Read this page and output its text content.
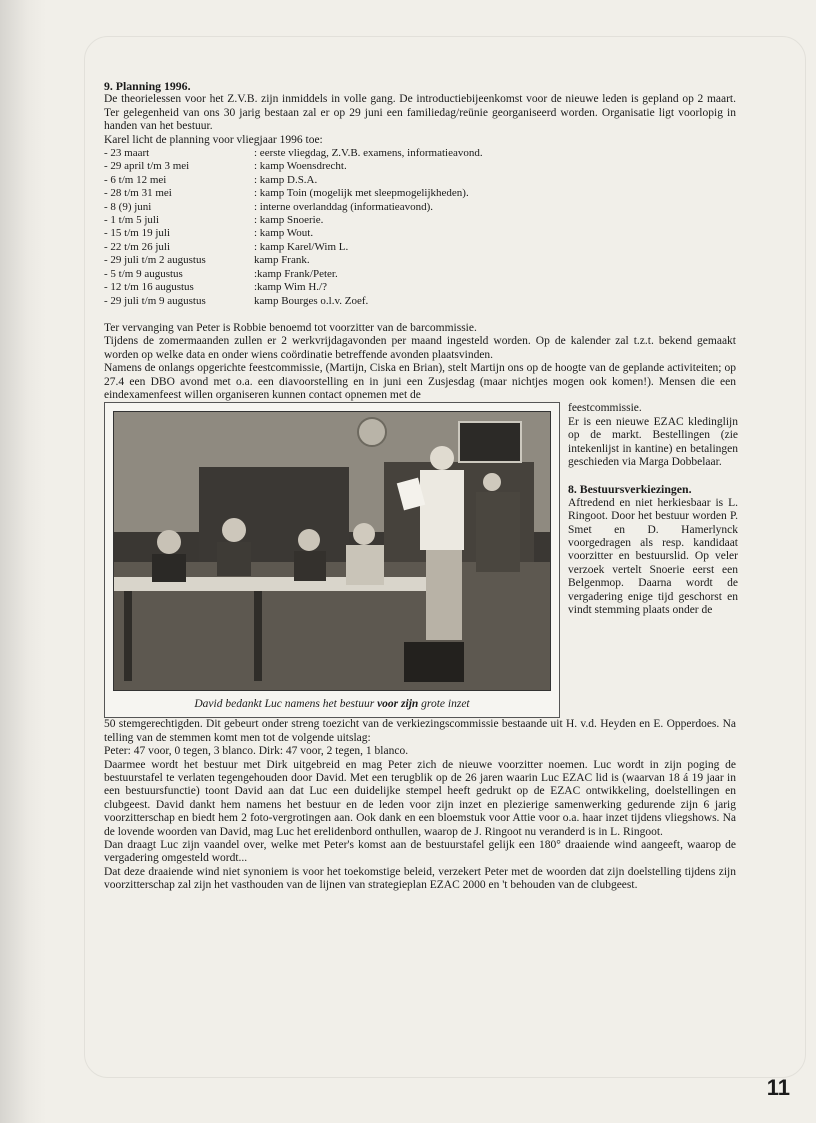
9. Planning 1996.

De theorielessen voor het Z.V.B. zijn inmiddels in volle gang. De introductiebijeenkomst voor de nieuwe leden is gepland op 2 maart. Ter gelegenheid van ons 30 jarig bestaan zal er op 29 juni een familiedag/reünie georganiseerd worden. Organisatie ligt voorlopig in handen van het bestuur.

Karel licht de planning voor vliegjaar 1996 toe:

- 23 maart	: eerste vliegdag, Z.V.B. examens, informatieavond.
- 29 april t/m 3 mei	: kamp Woensdrecht.
- 6 t/m 12 mei	: kamp D.S.A.
- 28 t/m 31 mei	: kamp Toin (mogelijk met sleepmogelijkheden).
- 8 (9) juni	: interne overlanddag (informatieavond).
- 1 t/m 5 juli	: kamp Snoerie.
- 15 t/m 19 juli	: kamp Wout.
- 22 t/m 26 juli	: kamp Karel/Wim L.
- 29 juli t/m 2 augustus	kamp Frank.
- 5 t/m 9 augustus	:kamp Frank/Peter.
- 12 t/m 16 augustus	:kamp Wim H./?
- 29 juli t/m 9 augustus	kamp Bourges o.l.v. Zoef.

Ter vervanging van Peter is Robbie benoemd tot voorzitter van de barcommissie.

Tijdens de zomermaanden zullen er 2 werkvrijdagavonden per maand ingesteld worden. Op de kalender zal t.z.t. bekend gemaakt worden op welke data en onder wiens coördinatie betreffende avonden plaatsvinden.

Namens de onlangs opgerichte feestcommissie, (Martijn, Ciska en Brian), stelt Martijn ons op de hoogte van de geplande activiteiten; op 27.4 een DBO avond met o.a. een diavoorstelling en in juni een Zusjesdag (maar nichtjes mogen ook komen!). Mensen die een eindexamenfeest willen organiseren kunnen contact opnemen met de

David bedankt Luc namens het bestuur voor zijn grote inzet

feestcommissie.

Er is een nieuwe EZAC kledinglijn op de markt. Bestellingen (zie intekenlijst in kantine) en betalingen geschieden via Marga Dobbelaar.

8. Bestuursverkiezingen.

Aftredend en niet herkiesbaar is L. Ringoot. Door het bestuur worden P. Smet en D. Hamerlynck voorgedragen als resp. kandidaat voorzitter en bestuurslid. Op veler verzoek vertelt Snoerie eerst een Belgenmop. Daarna wordt de vergadering enige tijd geschorst en vindt stemming plaats onder de

50 stemgerechtigden. Dit gebeurt onder streng toezicht van de verkiezingscommissie bestaande uit H. v.d. Heyden en E. Opperdoes. Na telling van de stemmen komt men tot de volgende uitslag:

Peter: 47 voor, 0 tegen, 3 blanco. Dirk: 47 voor, 2 tegen, 1 blanco.

Daarmee wordt het bestuur met Dirk uitgebreid en mag Peter zich de nieuwe voorzitter noemen. Luc wordt in zijn poging de bestuurstafel te verlaten tegengehouden door David. Met een terugblik op de 26 jaren waarin Luc EZAC lid is (waarvan 18 á 19 jaar in een bestuursfunctie) toont David aan dat Luc een duidelijke stempel heeft gedrukt op de EZAC ontwikkeling, doelstellingen en clubgeest. David dankt hem namens het bestuur en de leden voor zijn inzet en plezierige samenwerking gedurende zijn 6 jarig voorzitterschap en biedt hem 2 foto-vergrotingen aan. Ook dank en een bloemstuk voor Attie voor o.a. haar inzet tijdens vliegshows. Na de lovende woorden van David, mag Luc het erelidenbord onthullen, waarop de J. Ringoot nu veranderd is in L. Ringoot.

Dan draagt Luc zijn vaandel over, welke met Peter's komst aan de bestuurstafel gelijk een 180° draaiende wind aangeeft, waarop de vergadering omgesteld wordt...

Dat deze draaiende wind niet synoniem is voor het toekomstige beleid, verzekert Peter met de woorden dat zijn doelstelling tijdens zijn voorzitterschap zal zijn het vasthouden van de lijnen van strategieplan EZAC 2000 en 't behouden van de clubgeest.

11
